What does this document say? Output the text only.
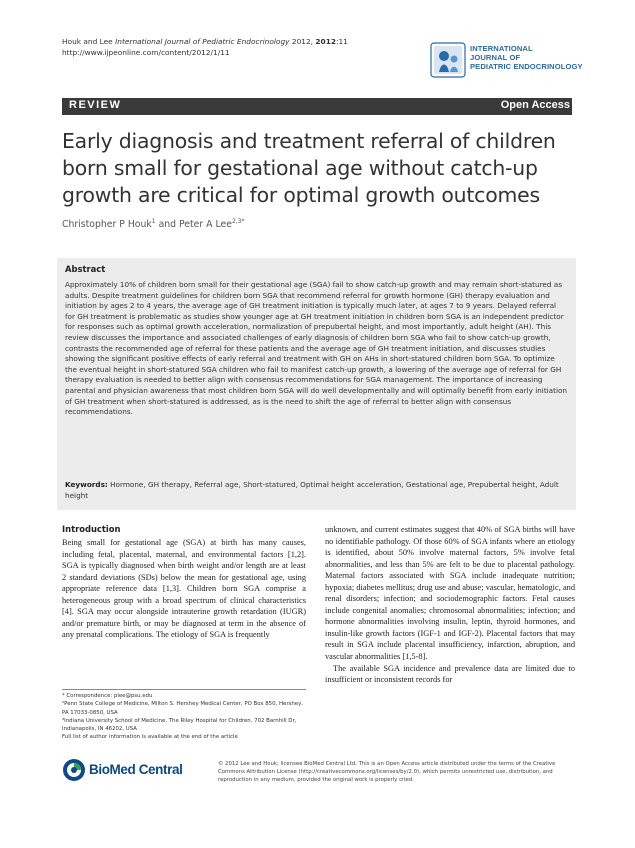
Houk and Lee International Journal of Pediatric Endocrinology 2012, 2012:11
http://www.ijpeonline.com/content/2012/1/11	INTERNATIONAL
JOURNAL OF
PEDIATRIC ENDOCRINOLOGY
REVIEW	Open Access
Early diagnosis and treatment referral of children born small for gestational age without catch-up growth are critical for optimal growth outcomes
Christopher P Houk$^1$ and Peter A Lee$^{2,3*}$
Abstract
Approximately 10% of children born small for their gestational age (SGA) fail to show catch-up growth and may remain short-statured as adults. Despite treatment guidelines for children born SGA that recommend referral for growth hormone (GH) therapy evaluation and initiation by ages 2 to 4 years, the average age of GH treatment initiation is typically much later, at ages 7 to 9 years. Delayed referral for GH treatment is problematic as studies show younger age at GH treatment initiation in children born SGA is an independent predictor for responses such as optimal growth acceleration, normalization of prepubertal height, and most importantly, adult height (AH). This review discusses the importance and associated challenges of early diagnosis of children born SGA who fail to show catch-up growth, contrasts the recommended age of referral for these patients and the average age of GH treatment initiation, and discusses studies showing the significant positive effects of early referral and treatment with GH on AHs in short-statured children born SGA. To optimize the eventual height in short-statured SGA children who fail to manifest catch-up growth, a lowering of the average age of referral for GH therapy evaluation is needed to better align with consensus recommendations for SGA management. The importance of increasing parental and physician awareness that most children born SGA will do well developmentally and will optimally benefit from early initiation of GH treatment when short-statured is addressed, as is the need to shift the age of referral to better align with consensus recommendations.
Keywords: Hormone, GH therapy, Referral age, Short-statured, Optimal height acceleration, Gestational age, Prepubertal height, Adult height
Introduction

Being small for gestational age (SGA) at birth has many causes, including fetal, placental, maternal, and environmental factors [1,2]. SGA is typically diagnosed when birth weight and/or length are at least 2 standard deviations (SDs) below the mean for gestational age, using appropriate reference data [1,3]. Children born SGA comprise a heterogeneous group with a broad spectrum of clinical characteristics [4]. SGA may occur alongside intrauterine growth retardation (IUGR) and/or premature birth, or may be diagnosed at term in the absence of any prenatal complications. The etiology of SGA is frequently

unknown, and current estimates suggest that 40% of SGA births will have no identifiable pathology. Of those 60% of SGA infants where an etiology is identified, about 50% involve maternal factors, 5% involve fetal abnormalities, and less than 5% are felt to be due to placental pathology. Maternal factors associated with SGA include inadequate nutrition; hypoxia; diabetes mellitus; drug use and abuse; vascular, hematologic, and renal disorders; infection; and sociodemographic factors. Fetal causes include congenital anomalies; chromosomal abnormalities; infection; and hormone abnormalities involving insulin, leptin, thyroid hormones, and insulin-like growth factors (IGF-1 and IGF-2). Placental factors that may result in SGA include placental insufficiency, infarction, abruption, and vascular abnormalities [1,5-8].

The available SGA incidence and prevalence data are limited due to insufficient or inconsistent records for

* Correspondence: plee@psu.edu

²Penn State College of Medicine, Milton S. Hershey Medical Center, PO Box 850, Hershey, PA 17033-0850, USA

³Indiana University School of Medicine, The Riley Hospital for Children, 702 Barnhill Dr, Indianapolis, IN 46202, USA

Full list of author information is available at the end of the article

BioMed Central	© 2012 Lee and Houk; licensee BioMed Central Ltd. This is an Open Access article distributed under the terms of the Creative Commons Attribution License (http://creativecommons.org/licenses/by/2.0), which permits unrestricted use, distribution, and reproduction in any medium, provided the original work is properly cited.
